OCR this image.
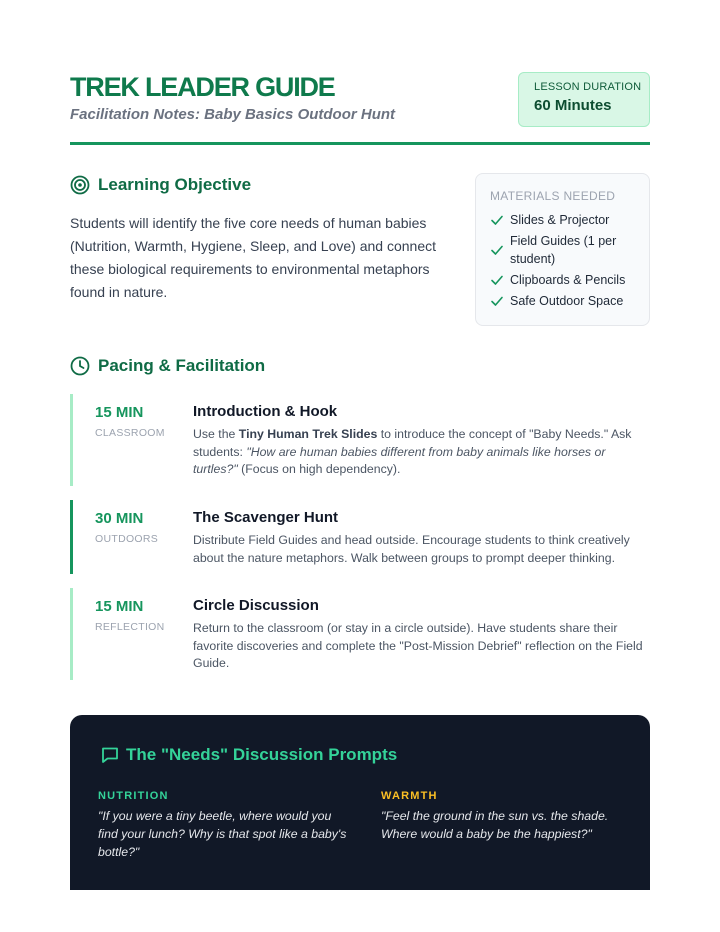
TREK LEADER GUIDE
Facilitation Notes: Baby Basics Outdoor Hunt
LESSON DURATION
60 Minutes
Learning Objective
Students will identify the five core needs of human babies (Nutrition, Warmth, Hygiene, Sleep, and Love) and connect these biological requirements to environmental metaphors found in nature.
MATERIALS NEEDED
Slides & Projector
Field Guides (1 per student)
Clipboards & Pencils
Safe Outdoor Space
Pacing & Facilitation
15 MIN
CLASSROOM
Introduction & Hook
Use the Tiny Human Trek Slides to introduce the concept of "Baby Needs." Ask students: "How are human babies different from baby animals like horses or turtles?" (Focus on high dependency).
30 MIN
OUTDOORS
The Scavenger Hunt
Distribute Field Guides and head outside. Encourage students to think creatively about the nature metaphors. Walk between groups to prompt deeper thinking.
15 MIN
REFLECTION
Circle Discussion
Return to the classroom (or stay in a circle outside). Have students share their favorite discoveries and complete the "Post-Mission Debrief" reflection on the Field Guide.
The "Needs" Discussion Prompts
NUTRITION
"If you were a tiny beetle, where would you find your lunch? Why is that spot like a baby's bottle?"
WARMTH
"Feel the ground in the sun vs. the shade. Where would a baby be the happiest?"
